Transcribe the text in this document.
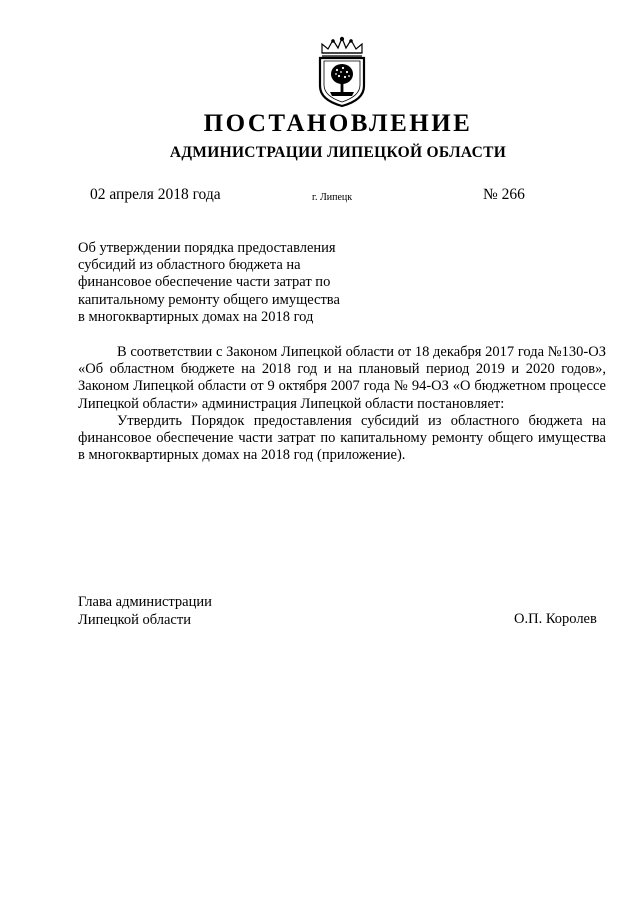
ПОСТАНОВЛЕНИЕ
АДМИНИСТРАЦИИ ЛИПЕЦКОЙ ОБЛАСТИ
02 апреля 2018 года	г. Липецк	№ 266
Об утверждении порядка предоставления
субсидий из областного бюджета на
финансовое обеспечение части затрат по
капитальному ремонту общего имущества
в многоквартирных домах на 2018 год

В соответствии с Законом Липецкой области от 18 декабря 2017 года №130-ОЗ «Об областном бюджете на 2018 год и на плановый период 2019 и 2020 годов», Законом Липецкой области от 9 октября 2007 года № 94-ОЗ «О бюджетном процессе Липецкой области» администрация Липецкой области постановляет:

Утвердить Порядок предоставления субсидий из областного бюджета на финансовое обеспечение части затрат по капитальному ремонту общего имущества в многоквартирных домах на 2018 год (приложение).

Глава администрации
Липецкой области	О.П. Королев
